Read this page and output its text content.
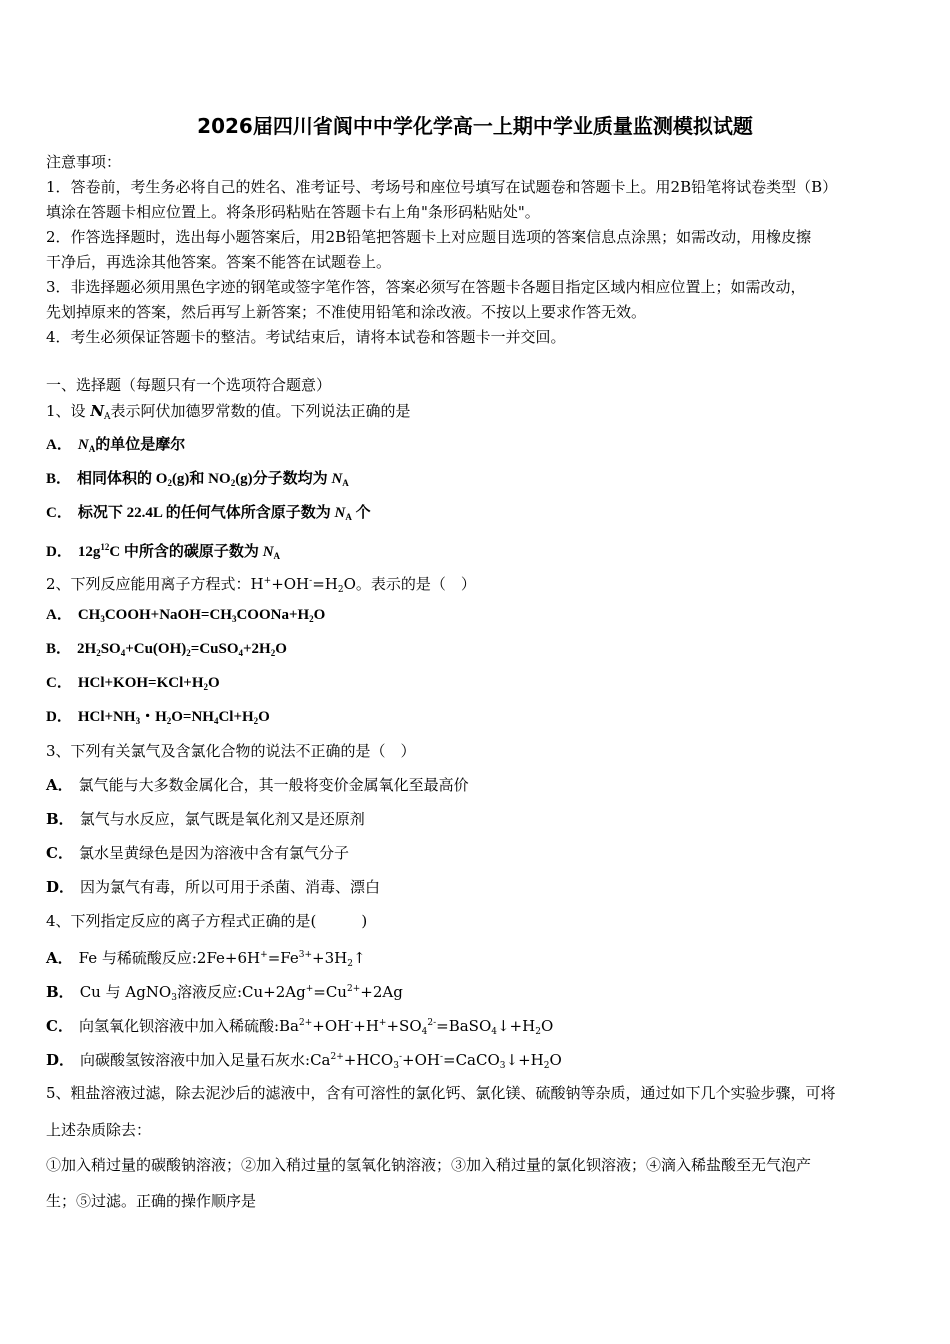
2026届四川省阆中中学化学高一上期中学业质量监测模拟试题
注意事项：
1．答卷前，考生务必将自己的姓名、准考证号、考场号和座位号填写在试题卷和答题卡上。用2B铅笔将试卷类型（B）
填涂在答题卡相应位置上。将条形码粘贴在答题卡右上角"条形码粘贴处"。
2．作答选择题时，选出每小题答案后，用2B铅笔把答题卡上对应题目选项的答案信息点涂黑；如需改动，用橡皮擦
干净后，再选涂其他答案。答案不能答在试题卷上。
3．非选择题必须用黑色字迹的钢笔或签字笔作答，答案必须写在答题卡各题目指定区域内相应位置上；如需改动，
先划掉原来的答案，然后再写上新答案；不准使用铅笔和涂改液。不按以上要求作答无效。
4．考生必须保证答题卡的整洁。考试结束后，请将本试卷和答题卡一并交回。
一、选择题（每题只有一个选项符合题意）
1、设 $N_A$表示阿伏加德罗常数的值。下列说法正确的是
A． $N_A$的单位是摩尔
B． 相同体积的 $O_2(g)$和 $NO_2(g)$分子数均为 $N_A$
C． 标况下 22.4L 的任何气体所含原子数为 $N_A$ 个
D． $12g^{12}C$ 中所含的碳原子数为 $N_A$
2、下列反应能用离子方程式：$H^++OH^-=H_2O$。表示的是（　）
A． $CH_3COOH+NaOH=CH_3COONa+H_2O$
B． $2H_2SO_4+Cu(OH)_2=CuSO_4+2H_2O$
C． $HCl+KOH=KCl+H_2O$
D． $HCl+NH_3$・$H_2O=NH_4Cl+H_2O$
3、下列有关氯气及含氯化合物的说法不正确的是（　）
A． 氯气能与大多数金属化合，其一般将变价金属氧化至最高价
B． 氯气与水反应，氯气既是氧化剂又是还原剂
C． 氯水呈黄绿色是因为溶液中含有氯气分子
D． 因为氯气有毒，所以可用于杀菌、消毒、漂白
4、下列指定反应的离子方程式正确的是(　　　)
A． Fe 与稀硫酸反应$:2Fe+6H^+=Fe^{3+}+3H_2↑$
B． Cu 与 AgNO$_3$溶液反应$:Cu+2Ag^+=Cu^{2+}+2Ag$
C． 向氢氧化钡溶液中加入稀硫酸$:Ba^{2+}+OH^-+H^++SO_4^{2-}=BaSO_4↓+H_2O$
D． 向碳酸氢铵溶液中加入足量石灰水$:Ca^{2+}+HCO_3^-+OH^-=CaCO_3↓+H_2O$
5、粗盐溶液过滤，除去泥沙后的滤液中，含有可溶性的氯化钙、氯化镁、硫酸钠等杂质，通过如下几个实验步骤，可将
上述杂质除去：
①加入稍过量的碳酸钠溶液；②加入稍过量的氢氧化钠溶液；③加入稍过量的氯化钡溶液；④滴入稀盐酸至无气泡产
生；⑤过滤。正确的操作顺序是
